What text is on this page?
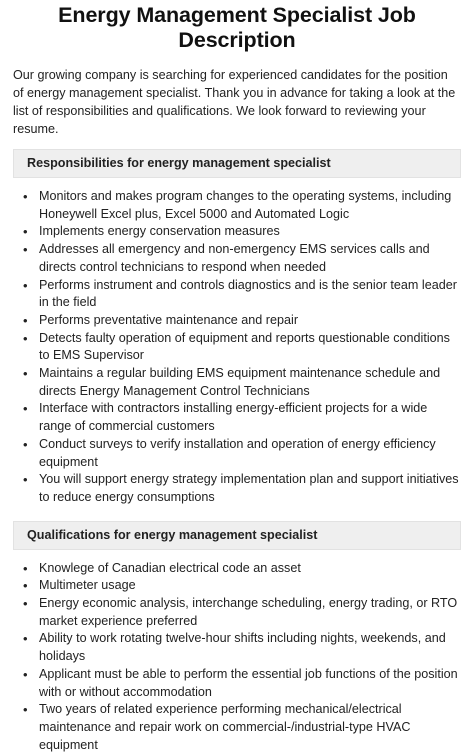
Energy Management Specialist Job Description

Our growing company is searching for experienced candidates for the position of energy management specialist. Thank you in advance for taking a look at the list of responsibilities and qualifications. We look forward to reviewing your resume.

Responsibilities for energy management specialist
• Monitors and makes program changes to the operating systems, including Honeywell Excel plus, Excel 5000 and Automated Logic
• Implements energy conservation measures
• Addresses all emergency and non-emergency EMS services calls and directs control technicians to respond when needed
• Performs instrument and controls diagnostics and is the senior team leader in the field
• Performs preventative maintenance and repair
• Detects faulty operation of equipment and reports questionable conditions to EMS Supervisor
• Maintains a regular building EMS equipment maintenance schedule and directs Energy Management Control Technicians
• Interface with contractors installing energy-efficient projects for a wide range of commercial customers
• Conduct surveys to verify installation and operation of energy efficiency equipment
• You will support energy strategy implementation plan and support initiatives to reduce energy consumptions
Qualifications for energy management specialist
• Knowlege of Canadian electrical code an asset
• Multimeter usage
• Energy economic analysis, interchange scheduling, energy trading, or RTO market experience preferred
• Ability to work rotating twelve-hour shifts including nights, weekends, and holidays
• Applicant must be able to perform the essential job functions of the position with or without accommodation
• Two years of related experience performing mechanical/electrical maintenance and repair work on commercial-/industrial-type HVAC equipment
